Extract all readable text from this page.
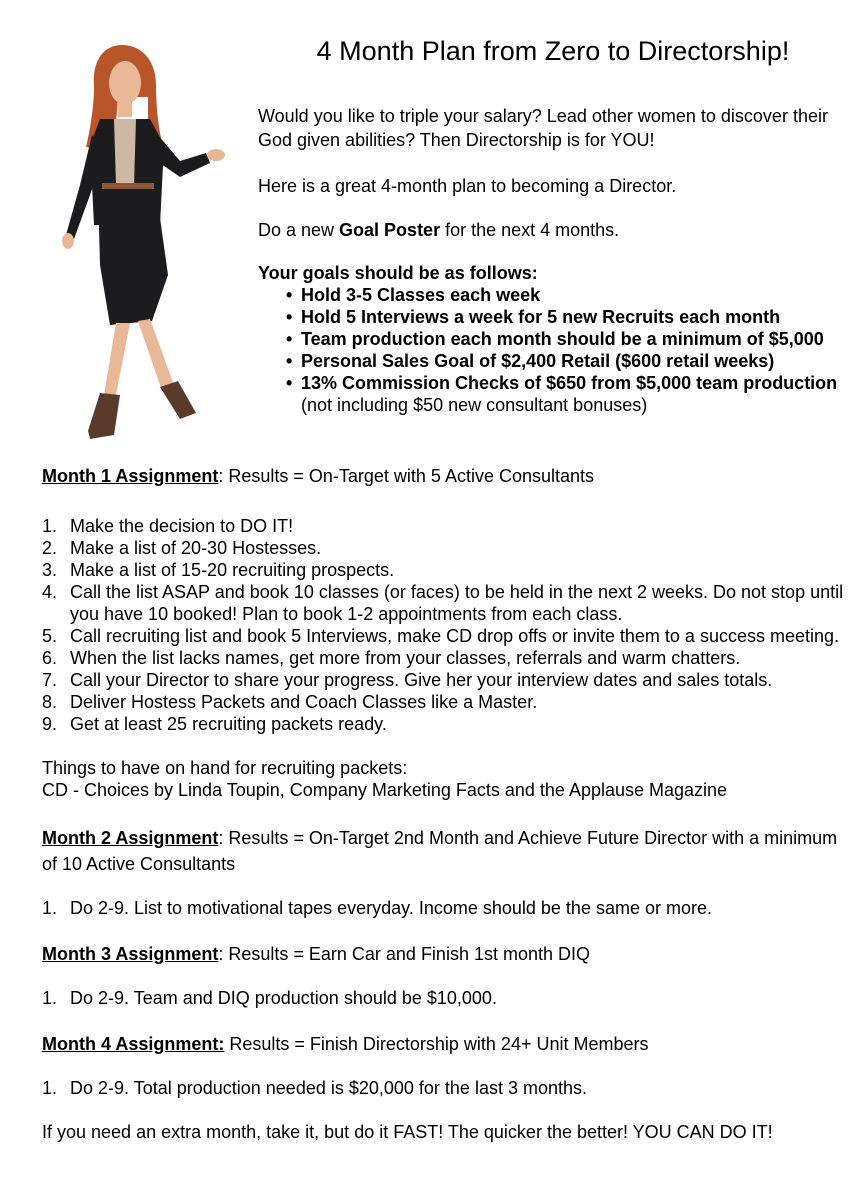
4 Month Plan from Zero to Directorship!

Would you like to triple your salary? Lead other women to discover their God given abilities? Then Directorship is for YOU!

Here is a great 4-month plan to becoming a Director.

Do a new Goal Poster for the next 4 months.

Your goals should be as follows:
• Hold 3-5 Classes each week
• Hold 5 Interviews a week for 5 new Recruits each month
• Team production each month should be a minimum of $5,000
• Personal Sales Goal of $2,400 Retail ($600 retail weeks)
• 13% Commission Checks of $650 from $5,000 team production (not including $50 new consultant bonuses)

Month 1 Assignment: Results = On-Target with 5 Active Consultants

1. Make the decision to DO IT!
2. Make a list of 20-30 Hostesses.
3. Make a list of 15-20 recruiting prospects.
4. Call the list ASAP and book 10 classes (or faces) to be held in the next 2 weeks. Do not stop until you have 10 booked! Plan to book 1-2 appointments from each class.
5. Call recruiting list and book 5 Interviews, make CD drop offs or invite them to a success meeting.
6. When the list lacks names, get more from your classes, referrals and warm chatters.
7. Call your Director to share your progress. Give her your interview dates and sales totals.
8. Deliver Hostess Packets and Coach Classes like a Master.
9. Get at least 25 recruiting packets ready.

Things to have on hand for recruiting packets:

CD - Choices by Linda Toupin, Company Marketing Facts and the Applause Magazine

Month 2 Assignment: Results = On-Target 2nd Month and Achieve Future Director with a minimum of 10 Active Consultants

1. Do 2-9. List to motivational tapes everyday. Income should be the same or more.

Month 3 Assignment: Results = Earn Car and Finish 1st month DIQ

1. Do 2-9. Team and DIQ production should be $10,000.

Month 4 Assignment: Results = Finish Directorship with 24+ Unit Members

1. Do 2-9. Total production needed is $20,000 for the last 3 months.

If you need an extra month, take it, but do it FAST! The quicker the better! YOU CAN DO IT!
